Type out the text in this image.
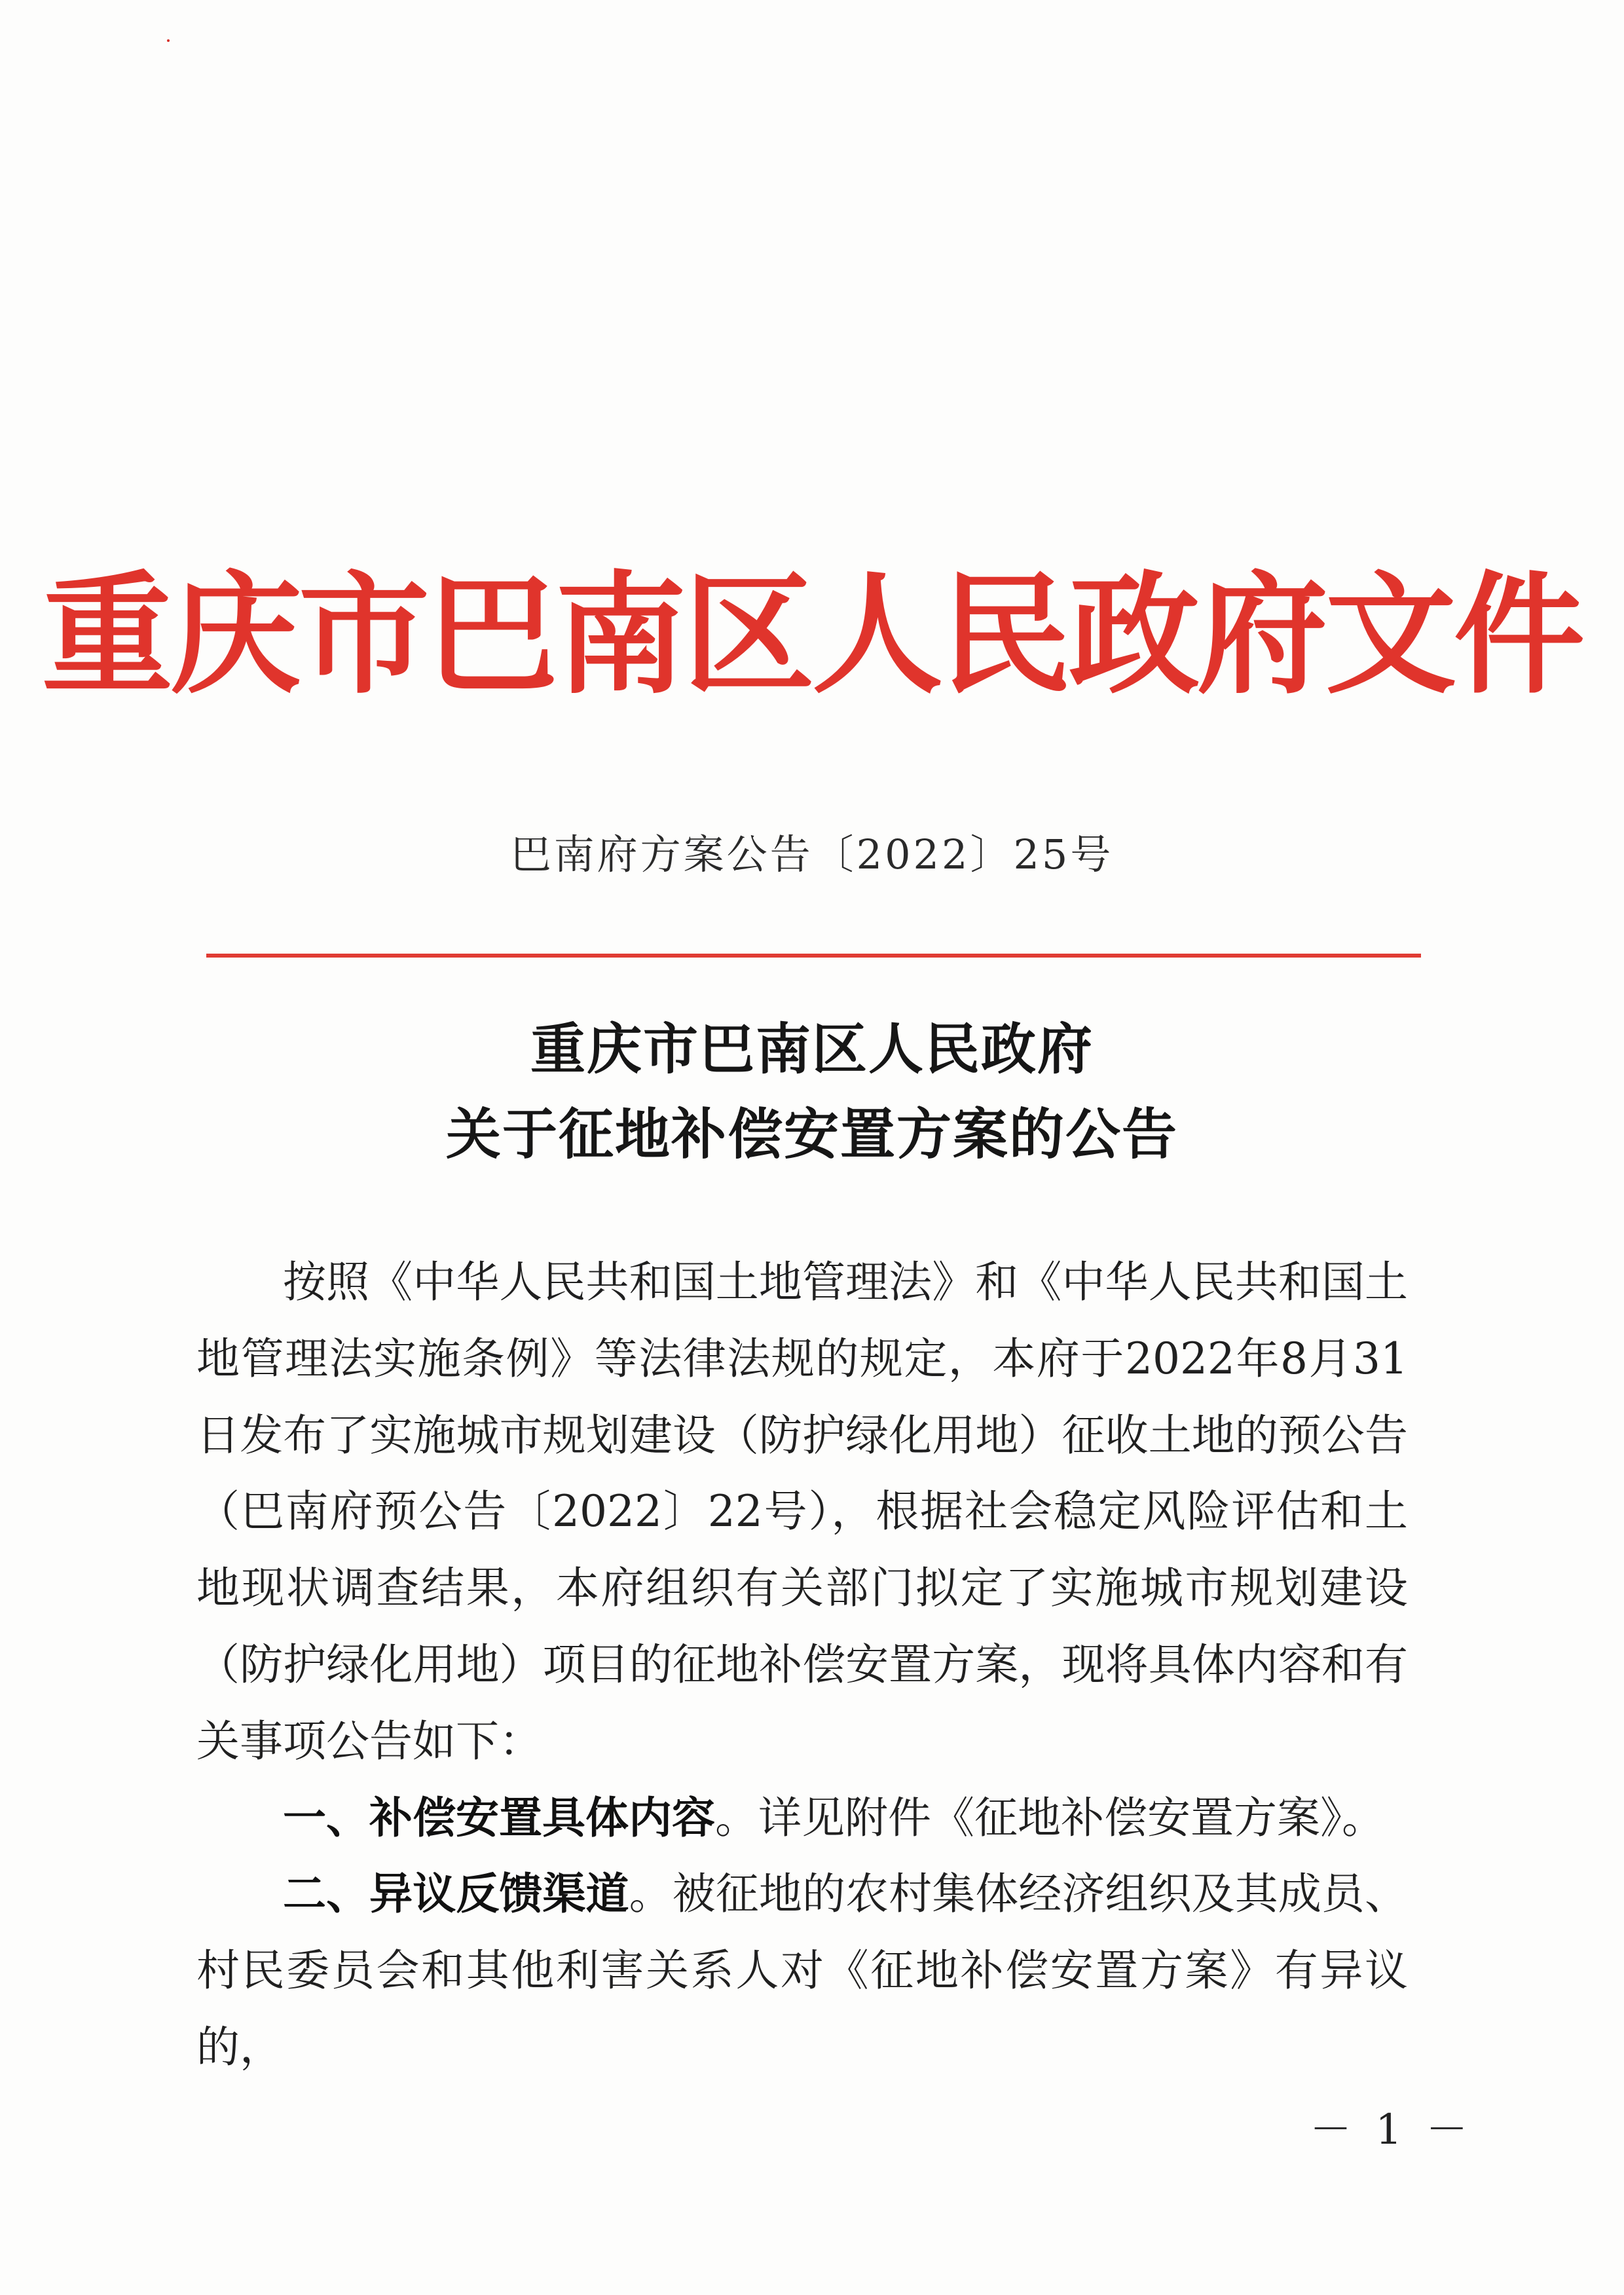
重庆市巴南区人民政府文件
巴南府方案公告〔2022〕25号
重庆市巴南区人民政府
关于征地补偿安置方案的公告

按照《中华人民共和国土地管理法》和《中华人民共和国土地管理法实施条例》等法律法规的规定，本府于2022年8月31日发布了实施城市规划建设（防护绿化用地）征收土地的预公告（巴南府预公告〔2022〕22号），根据社会稳定风险评估和土地现状调查结果，本府组织有关部门拟定了实施城市规划建设（防护绿化用地）项目的征地补偿安置方案，现将具体内容和有关事项公告如下：

一、补偿安置具体内容。详见附件《征地补偿安置方案》。

二、异议反馈渠道。被征地的农村集体经济组织及其成员、村民委员会和其他利害关系人对《征地补偿安置方案》有异议的，

－ 1 －
